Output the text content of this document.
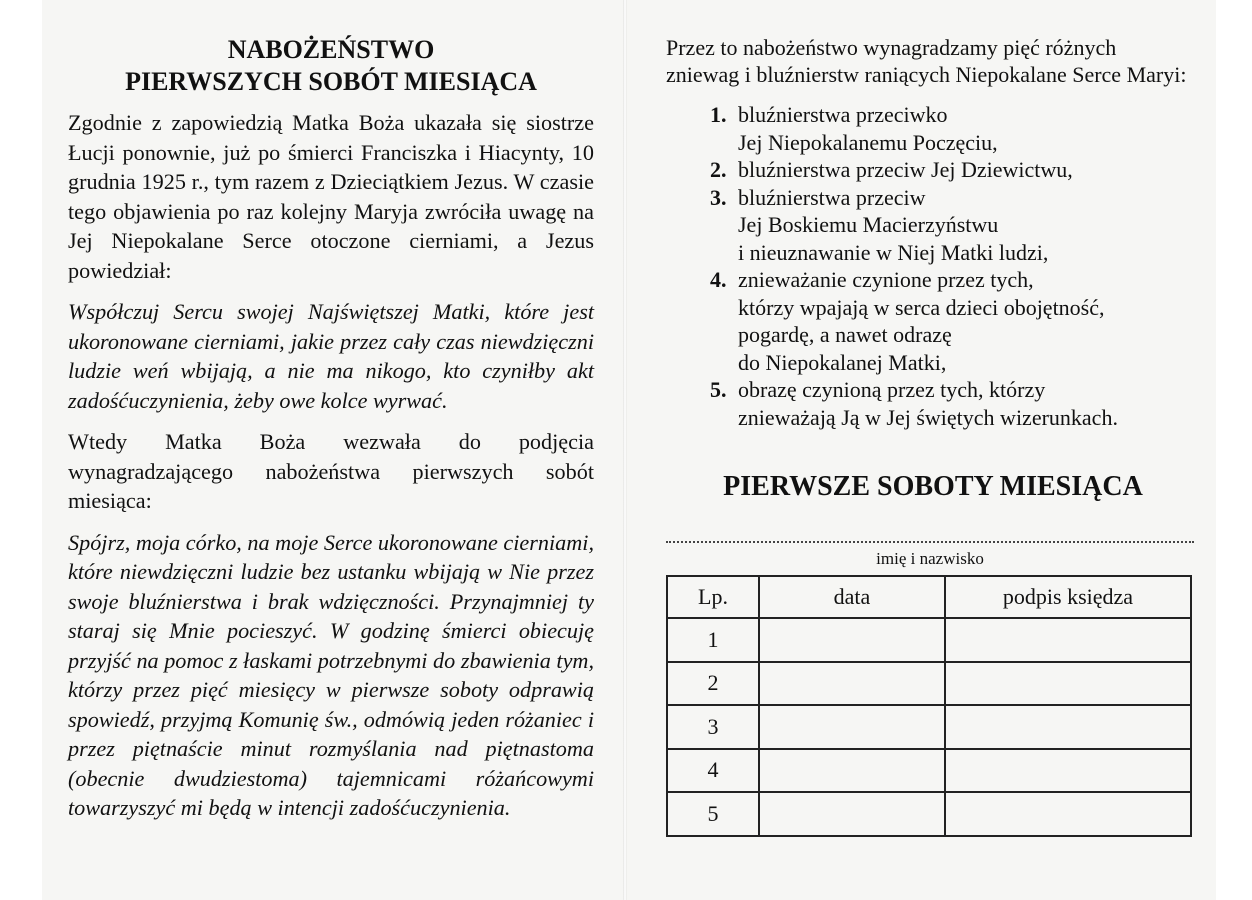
NABOŻEŃSTWO
PIERWSZYCH SOBÓT MIESIĄCA

Zgodnie z zapowiedzią Matka Boża ukazała się siostrze Łucji ponownie, już po śmierci Franciszka i Hiacynty, 10 grudnia 1925 r., tym razem z Dzieciątkiem Jezus. W czasie tego objawienia po raz kolejny Maryja zwróciła uwagę na Jej Niepokalane Serce otoczone cierniami, a Jezus powiedział:

Współczuj Sercu swojej Najświętszej Matki, które jest ukoronowane cierniami, jakie przez cały czas niewdzięczni ludzie weń wbijają, a nie ma nikogo, kto czyniłby akt zadośćuczynienia, żeby owe kolce wyrwać.

Wtedy Matka Boża wezwała do podjęcia wynagradzającego nabożeństwa pierwszych sobót miesiąca:

Spójrz, moja córko, na moje Serce ukoronowane cierniami, które niewdzięczni ludzie bez ustanku wbijają w Nie przez swoje bluźnierstwa i brak wdzięczności. Przynajmniej ty staraj się Mnie pocieszyć. W godzinę śmierci obiecuję przyjść na pomoc z łaskami potrzebnymi do zbawienia tym, którzy przez pięć miesięcy w pierwsze soboty odprawią spowiedź, przyjmą Komunię św., odmówią jeden różaniec i przez piętnaście minut rozmyślania nad piętnastoma (obecnie dwudziestoma) tajemnicami różańcowymi towarzyszyć mi będą w intencji zadośćuczynienia.

Przez to nabożeństwo wynagradzamy pięć różnych zniewag i bluźnierstw raniących Niepokalane Serce Maryi:

1. bluźnierstwa przeciwko
Jej Niepokalanemu Poczęciu,
2. bluźnierstwa przeciw Jej Dziewictwu,
3. bluźnierstwa przeciw
Jej Boskiemu Macierzyństwu
i nieuznawanie w Niej Matki ludzi,
4. znieważanie czynione przez tych,
którzy wpajają w serca dzieci obojętność,
pogardę, a nawet odrazę
do Niepokalanej Matki,
5. obrazę czynioną przez tych, którzy
znieważają Ją w Jej świętych wizerunkach.
PIERWSZE SOBOTY MIESIĄCA
imię i nazwisko
Lp.	data	podpis księdza
1		
2		
3		
4		
5		
